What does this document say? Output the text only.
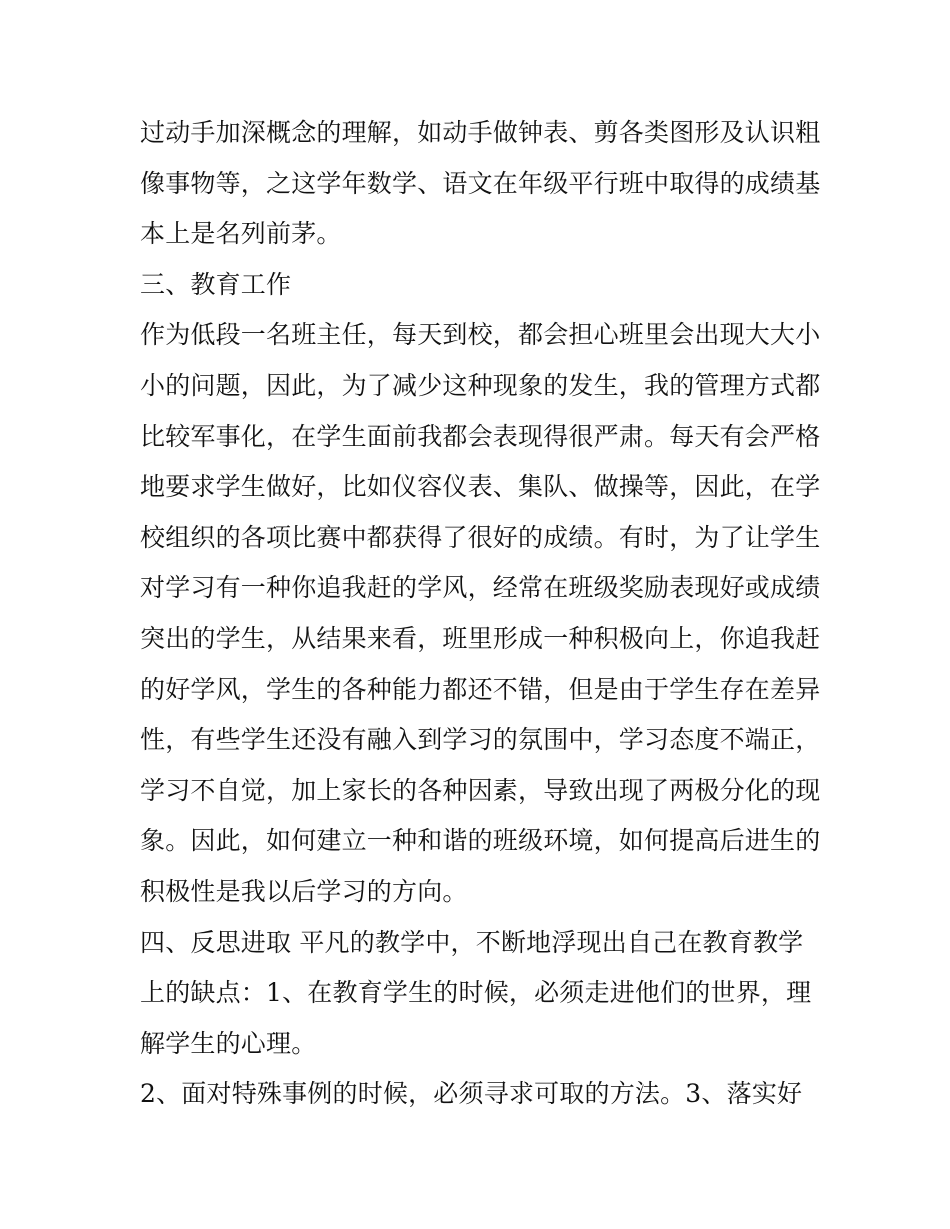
过动手加深概念的理解，如动手做钟表、剪各类图形及认识粗
像事物等，之这学年数学、语文在年级平行班中取得的成绩基
本上是名列前茅。
三、教育工作
作为低段一名班主任，每天到校，都会担心班里会出现大大小
小的问题，因此，为了减少这种现象的发生，我的管理方式都
比较军事化，在学生面前我都会表现得很严肃。每天有会严格
地要求学生做好，比如仪容仪表、集队、做操等，因此，在学
校组织的各项比赛中都获得了很好的成绩。有时，为了让学生
对学习有一种你追我赶的学风，经常在班级奖励表现好或成绩
突出的学生，从结果来看，班里形成一种积极向上，你追我赶
的好学风，学生的各种能力都还不错，但是由于学生存在差异
性，有些学生还没有融入到学习的氛围中，学习态度不端正，
学习不自觉，加上家长的各种因素，导致出现了两极分化的现
象。因此，如何建立一种和谐的班级环境，如何提高后进生的
积极性是我以后学习的方向。
四、反思进取 平凡的教学中，不断地浮现出自己在教育教学
上的缺点：1、在教育学生的时候，必须走进他们的世界，理
解学生的心理。
2、面对特殊事例的时候，必须寻求可取的方法。3、落实好
